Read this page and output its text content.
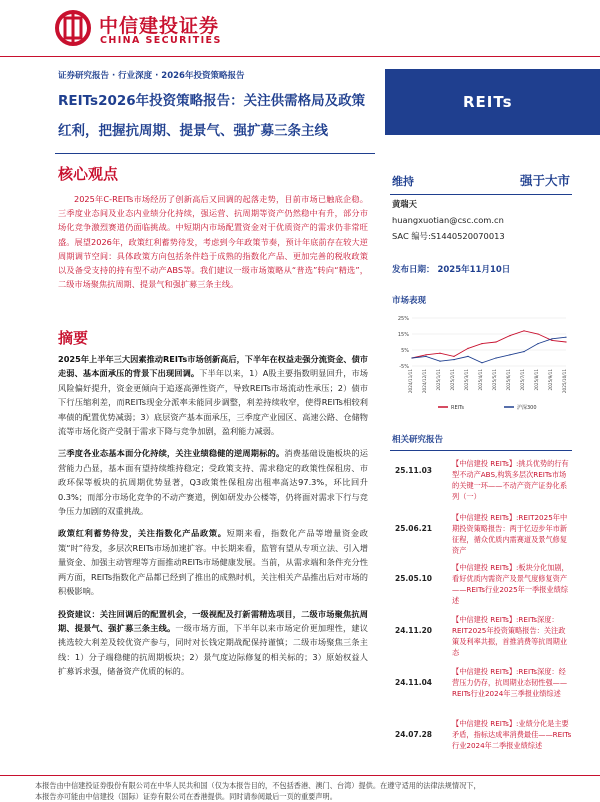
中信建投证券
CHINA SECURITIES
证券研究报告 · 行业深度 · 2026年投资策略报告
REITs2026年投资策略报告：关注供需格局及政策
红利，把握抗周期、提景气、强扩募三条主线
REITs
核心观点

2025年C-REITs市场经历了创新高后又回调的起落走势，目前市场已触底企稳。三季度业态间及业态内业绩分化持续，强运营、抗周期等资产仍然稳中有升，部分市场化竞争激烈赛道仍面临挑战。中短期内市场配置资金对于优质资产的需求仍非常旺盛。展望2026年，政策红利蓄势待发，考虑到今年政策节奏，预计年底前存在较大逆周期调节空间：具体政策方向包括条件趋于成熟的指数化产品、更加完善的税收政策以及备受支持的持有型不动产ABS等。我们建议一级市场策略从“普选”转向“精选”，二级市场聚焦抗周期、提景气和强扩募三条主线。

摘要

2025年上半年三大因素推动REITs市场创新高后，下半年在权益走强分流资金、债市走弱、基本面承压的背景下出现回调。下半年以来，1）A股主要指数明显回升，市场风险偏好提升，资金更倾向于追逐高弹性资产，导致REITs市场流动性承压；2）债市下行压缩利差，而REITs现金分派率未能同步调整，利差持续收窄，使得REITs相较利率债的配置优势减弱；3）底层资产基本面承压，三季度产业园区、高速公路、仓储物流等市场化资产受制于需求下降与竞争加剧，盈利能力减弱。

三季度各业态基本面分化持续，关注业绩稳健的逆周期标的。消费基础设施板块的运营能力凸显，基本面有望持续维持稳定；受政策支持、需求稳定的政策性保租房、市政环保等板块的抗周期优势显著，Q3政策性保租房出租率高达97.3%，环比回升0.3%；而部分市场化竞争的不动产赛道，例如研发办公楼等，仍将面对需求下行与竞争压力加剧的双重挑战。

政策红利蓄势待发，关注指数化产品政策。短期来看，指数化产品等增量资金政策“时”待发，多层次REITs市场加速扩容。中长期来看，监管有望从专项立法、引入增量资金、加强主动管理等方面推动REITs市场健康发展。当前，从需求端和条件充分性两方面，REITs指数化产品都已经到了推出的成熟时机，关注相关产品推出后对市场的积极影响。

投资建议：关注回调后的配置机会，一级视配及打新需精选项目，二级市场聚焦抗周期、提景气、强扩募三条主线。一级市场方面，下半年以来市场定价更加理性，建议挑选较大利差及较优资产参与，同时对长钱定期战配保持谨慎；二级市场聚焦三条主线：1）分子端稳健的抗周期板块；2）景气度边际修复的相关标的；3）原始权益人扩募诉求强，储备资产优质的标的。

维持	强于大市
黄瑞天
huangxuotian@csc.com.cn
SAC 编号:S1440520070013
发布日期： 2025年11月10日
市场表现
25%
15%
5%
-5%
2024/11/11 2024/12/11 2025/1/11 2025/2/11 2025/3/11 2025/4/11 2025/5/11 2025/6/11 2025/7/11 2025/8/11 2025/9/11 2025/10/11
REITs	沪深300
相关研究报告
25.11.03
【中信建投 REITs】:挑兵优势的行有型不动产ABS,构筑多层次REITs市场的关键一环——不动产资产证券化系列（一）
25.06.21
【中信建投 REITs】:REIT2025年中期投资策略报告：两于忆迈步年市新征程，循众优质内需赛道及景气修复资产
25.05.10
【中信建投 REITs】:板块分化加剧，看好优质内需资产及景气度修复资产——REITs行业2025年一季报业绩综述
24.11.20
【中信建投 REITs】:REITs深度：REIT2025年投资策略报告：关注政策及利率共振，首推消费等抗周期业态
24.11.04
【中信建投 REITs】:REITs深度：经营压力仍存，抗周期业态韧性强——REITs行业2024年三季报业绩综述
24.07.28
【中信建投 REITs】:业绩分化是主要矛盾，指标达成率消费最佳——REITs行业2024年二季报业绩综述
本报告由中信建投证券股份有限公司在中华人民共和国（仅为本报告目的，不包括香港、澳门、台湾）提供。在遵守适用的法律法规情况下，
本报告亦可能由中信建投（国际）证券有限公司在香港提供。同时请参阅最后一页的重要声明。
